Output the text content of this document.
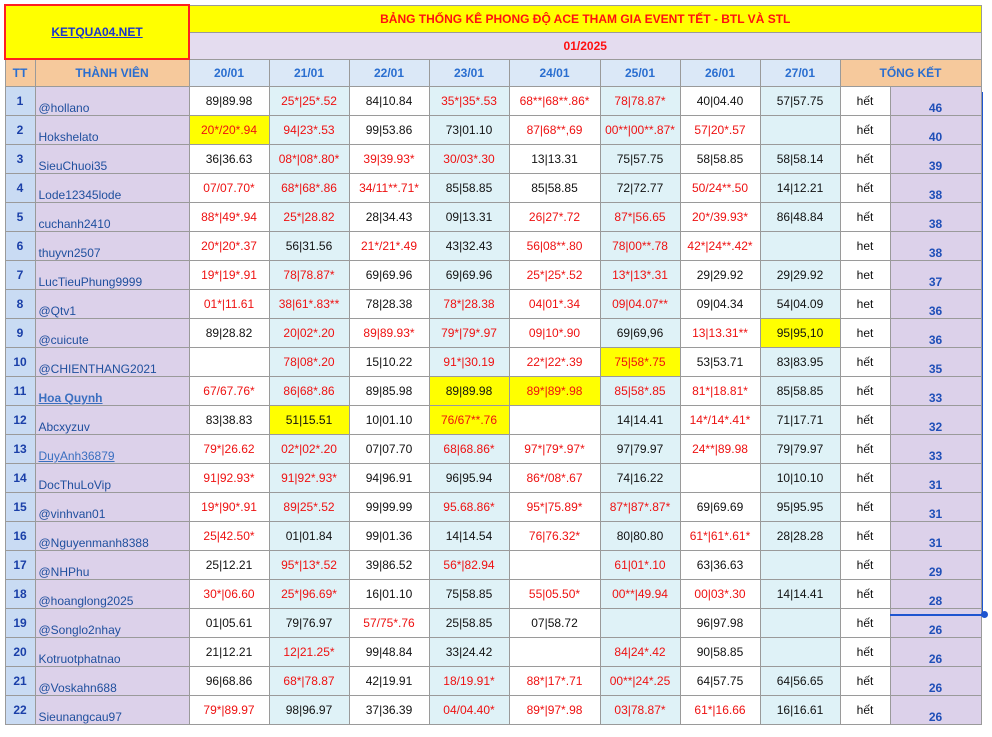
KETQUA04.NET		BẢNG THỐNG KÊ PHONG ĐỘ ACE THAM GIA EVENT TẾT - BTL VÀ STL									
		01/2025									
TT	THÀNH VIÊN	20/01	21/01	22/01	23/01	24/01	25/01	26/01	27/01	TỔNG KẾT	
1	@hollano	89|89.98	25*|25*.52	84|10.84	35*|35*.53	68**|68**.86*	78|78.87*	40|04.40	57|57.75	hết	46
2	Hokshelato	20*/20*.94	94|23*.53	99|53.86	73|01.10	87|68**,69	00**|00**.87*	57|20*.57		hết	40
3	SieuChuoi35	36|36.63	08*|08*.80*	39|39.93*	30/03*.30	13|13.31	75|57.75	58|58.85	58|58.14	hết	39
4	Lode12345lode	07/07.70*	68*|68*.86	34/11**.71*	85|58.85	85|58.85	72|72.77	50/24**.50	14|12.21	hết	38
5	cuchanh2410	88*|49*.94	25*|28.82	28|34.43	09|13.31	26|27*.72	87*|56.65	20*/39.93*	86|48.84	hết	38
6	thuyvn2507	20*|20*.37	56|31.56	21*/21*.49	43|32.43	56|08**.80	78|00**.78	42*|24**.42*		het	38
7	LucTieuPhung9999	19*|19*.91	78|78.87*	69|69.96	69|69.96	25*|25*.52	13*|13*.31	29|29.92	29|29.92	het	37
8	@Qtv1	01*|11.61	38|61*.83**	78|28.38	78*|28.38	04|01*.34	09|04.07**	09|04.34	54|04.09	het	36
9	@cuicute	89|28.82	20|02*.20	89|89.93*	79*|79*.97	09|10*.90	69|69,96	13|13.31**	95|95,10	het	36
10	@CHIENTHANG2021		78|08*.20	15|10.22	91*|30.19	22*|22*.39	75|58*.75	53|53.71	83|83.95	hết	35
11	Hoa Quynh	67/67.76*	86|68*.86	89|85.98	89|89.98	89*|89*.98	85|58*.85	81*|18.81*	85|58.85	hết	33
12	Abcxyzuv	83|38.83	51|15.51	10|01.10	76/67**.76		14|14.41	14*/14*.41*	71|17.71	hết	32
13	DuyAnh36879	79*|26.62	02*|02*.20	07|07.70	68|68.86*	97*|79*.97*	97|79.97	24**|89.98	79|79.97	hết	33
14	DocThuLoVip	91|92.93*	91|92*.93*	94|96.91	96|95.94	86*/08*.67	74|16.22		10|10.10	hết	31
15	@vinhvan01	19*|90*.91	89|25*.52	99|99.99	95.68.86*	95*|75.89*	87*|87*.87*	69|69.69	95|95.95	hết	31
16	@Nguyenmanh8388	25|42.50*	01|01.84	99|01.36	14|14.54	76|76.32*	80|80.80	61*|61*.61*	28|28.28	hết	31
17	@NHPhu	25|12.21	95*|13*.52	39|86.52	56*|82.94		61|01*.10	63|36.63		hết	29
18	@hoanglong2025	30*|06.60	25*|96.69*	16|01.10	75|58.85	55|05.50*	00**|49.94	00|03*.30	14|14.41	hết	28
19	@Songlo2nhay	01|05.61	79|76.97	57/75*.76	25|58.85	07|58.72		96|97.98		hết	26
20	Kotruotphatnao	21|12.21	12|21.25*	99|48.84	33|24.42		84|24*.42	90|58.85		hết	26
21	@Voskahn688	96|68.86	68*|78.87	42|19.91	18/19.91*	88*|17*.71	00**|24*.25	64|57.75	64|56.65	hết	26
22	Sieunangcau97	79*|89.97	98|96.97	37|36.39	04/04.40*	89*|97*.98	03|78.87*	61*|16.66	16|16.61	hết	26
